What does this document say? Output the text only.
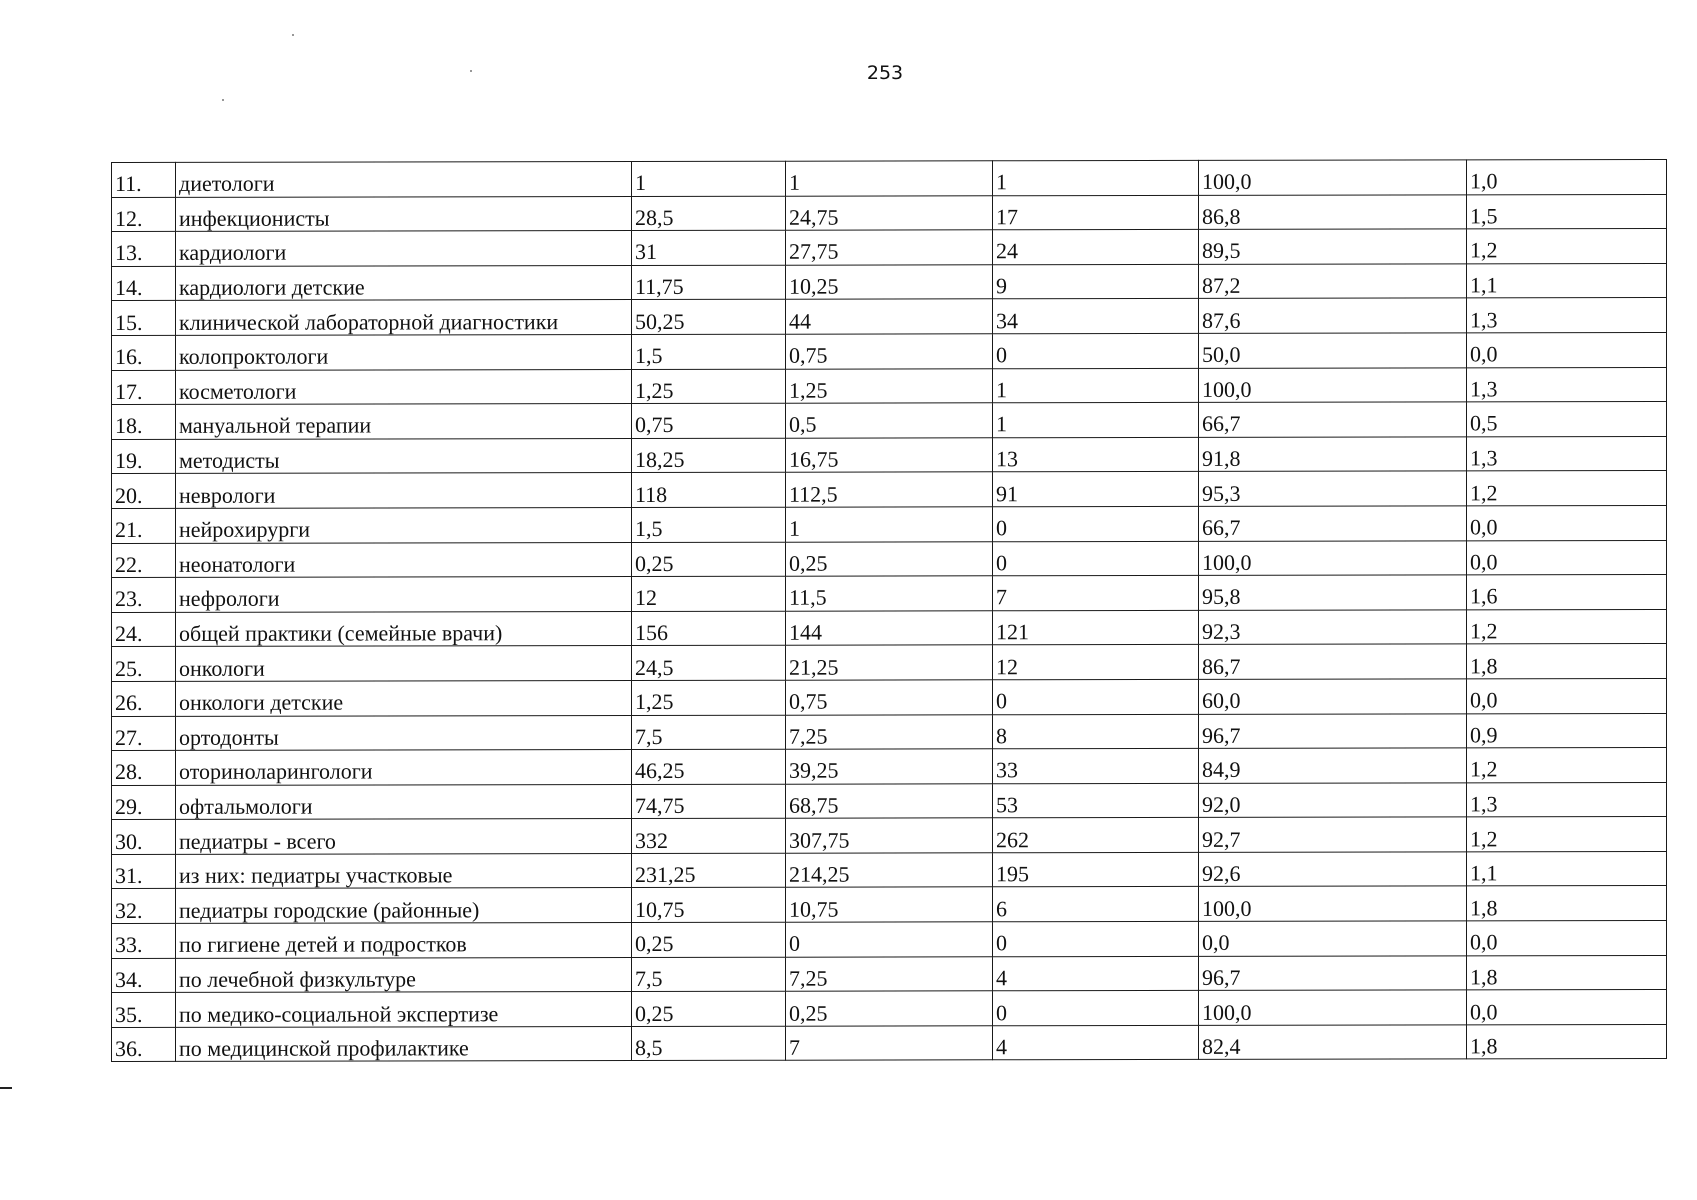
253
11.	диетологи	1	1	1	100,0	1,0
12.	инфекционисты	28,5	24,75	17	86,8	1,5
13.	кардиологи	31	27,75	24	89,5	1,2
14.	кардиологи детские	11,75	10,25	9	87,2	1,1
15.	клинической лабораторной диагностики	50,25	44	34	87,6	1,3
16.	колопроктологи	1,5	0,75	0	50,0	0,0
17.	косметологи	1,25	1,25	1	100,0	1,3
18.	мануальной терапии	0,75	0,5	1	66,7	0,5
19.	методисты	18,25	16,75	13	91,8	1,3
20.	неврологи	118	112,5	91	95,3	1,2
21.	нейрохирурги	1,5	1	0	66,7	0,0
22.	неонатологи	0,25	0,25	0	100,0	0,0
23.	нефрологи	12	11,5	7	95,8	1,6
24.	общей практики (семейные врачи)	156	144	121	92,3	1,2
25.	онкологи	24,5	21,25	12	86,7	1,8
26.	онкологи детские	1,25	0,75	0	60,0	0,0
27.	ортодонты	7,5	7,25	8	96,7	0,9
28.	оториноларингологи	46,25	39,25	33	84,9	1,2
29.	офтальмологи	74,75	68,75	53	92,0	1,3
30.	педиатры - всего	332	307,75	262	92,7	1,2
31.	из них: педиатры участковые	231,25	214,25	195	92,6	1,1
32.	педиатры городские (районные)	10,75	10,75	6	100,0	1,8
33.	по гигиене детей и подростков	0,25	0	0	0,0	0,0
34.	по лечебной физкультуре	7,5	7,25	4	96,7	1,8
35.	по медико-социальной экспертизе	0,25	0,25	0	100,0	0,0
36.	по медицинской профилактике	8,5	7	4	82,4	1,8
